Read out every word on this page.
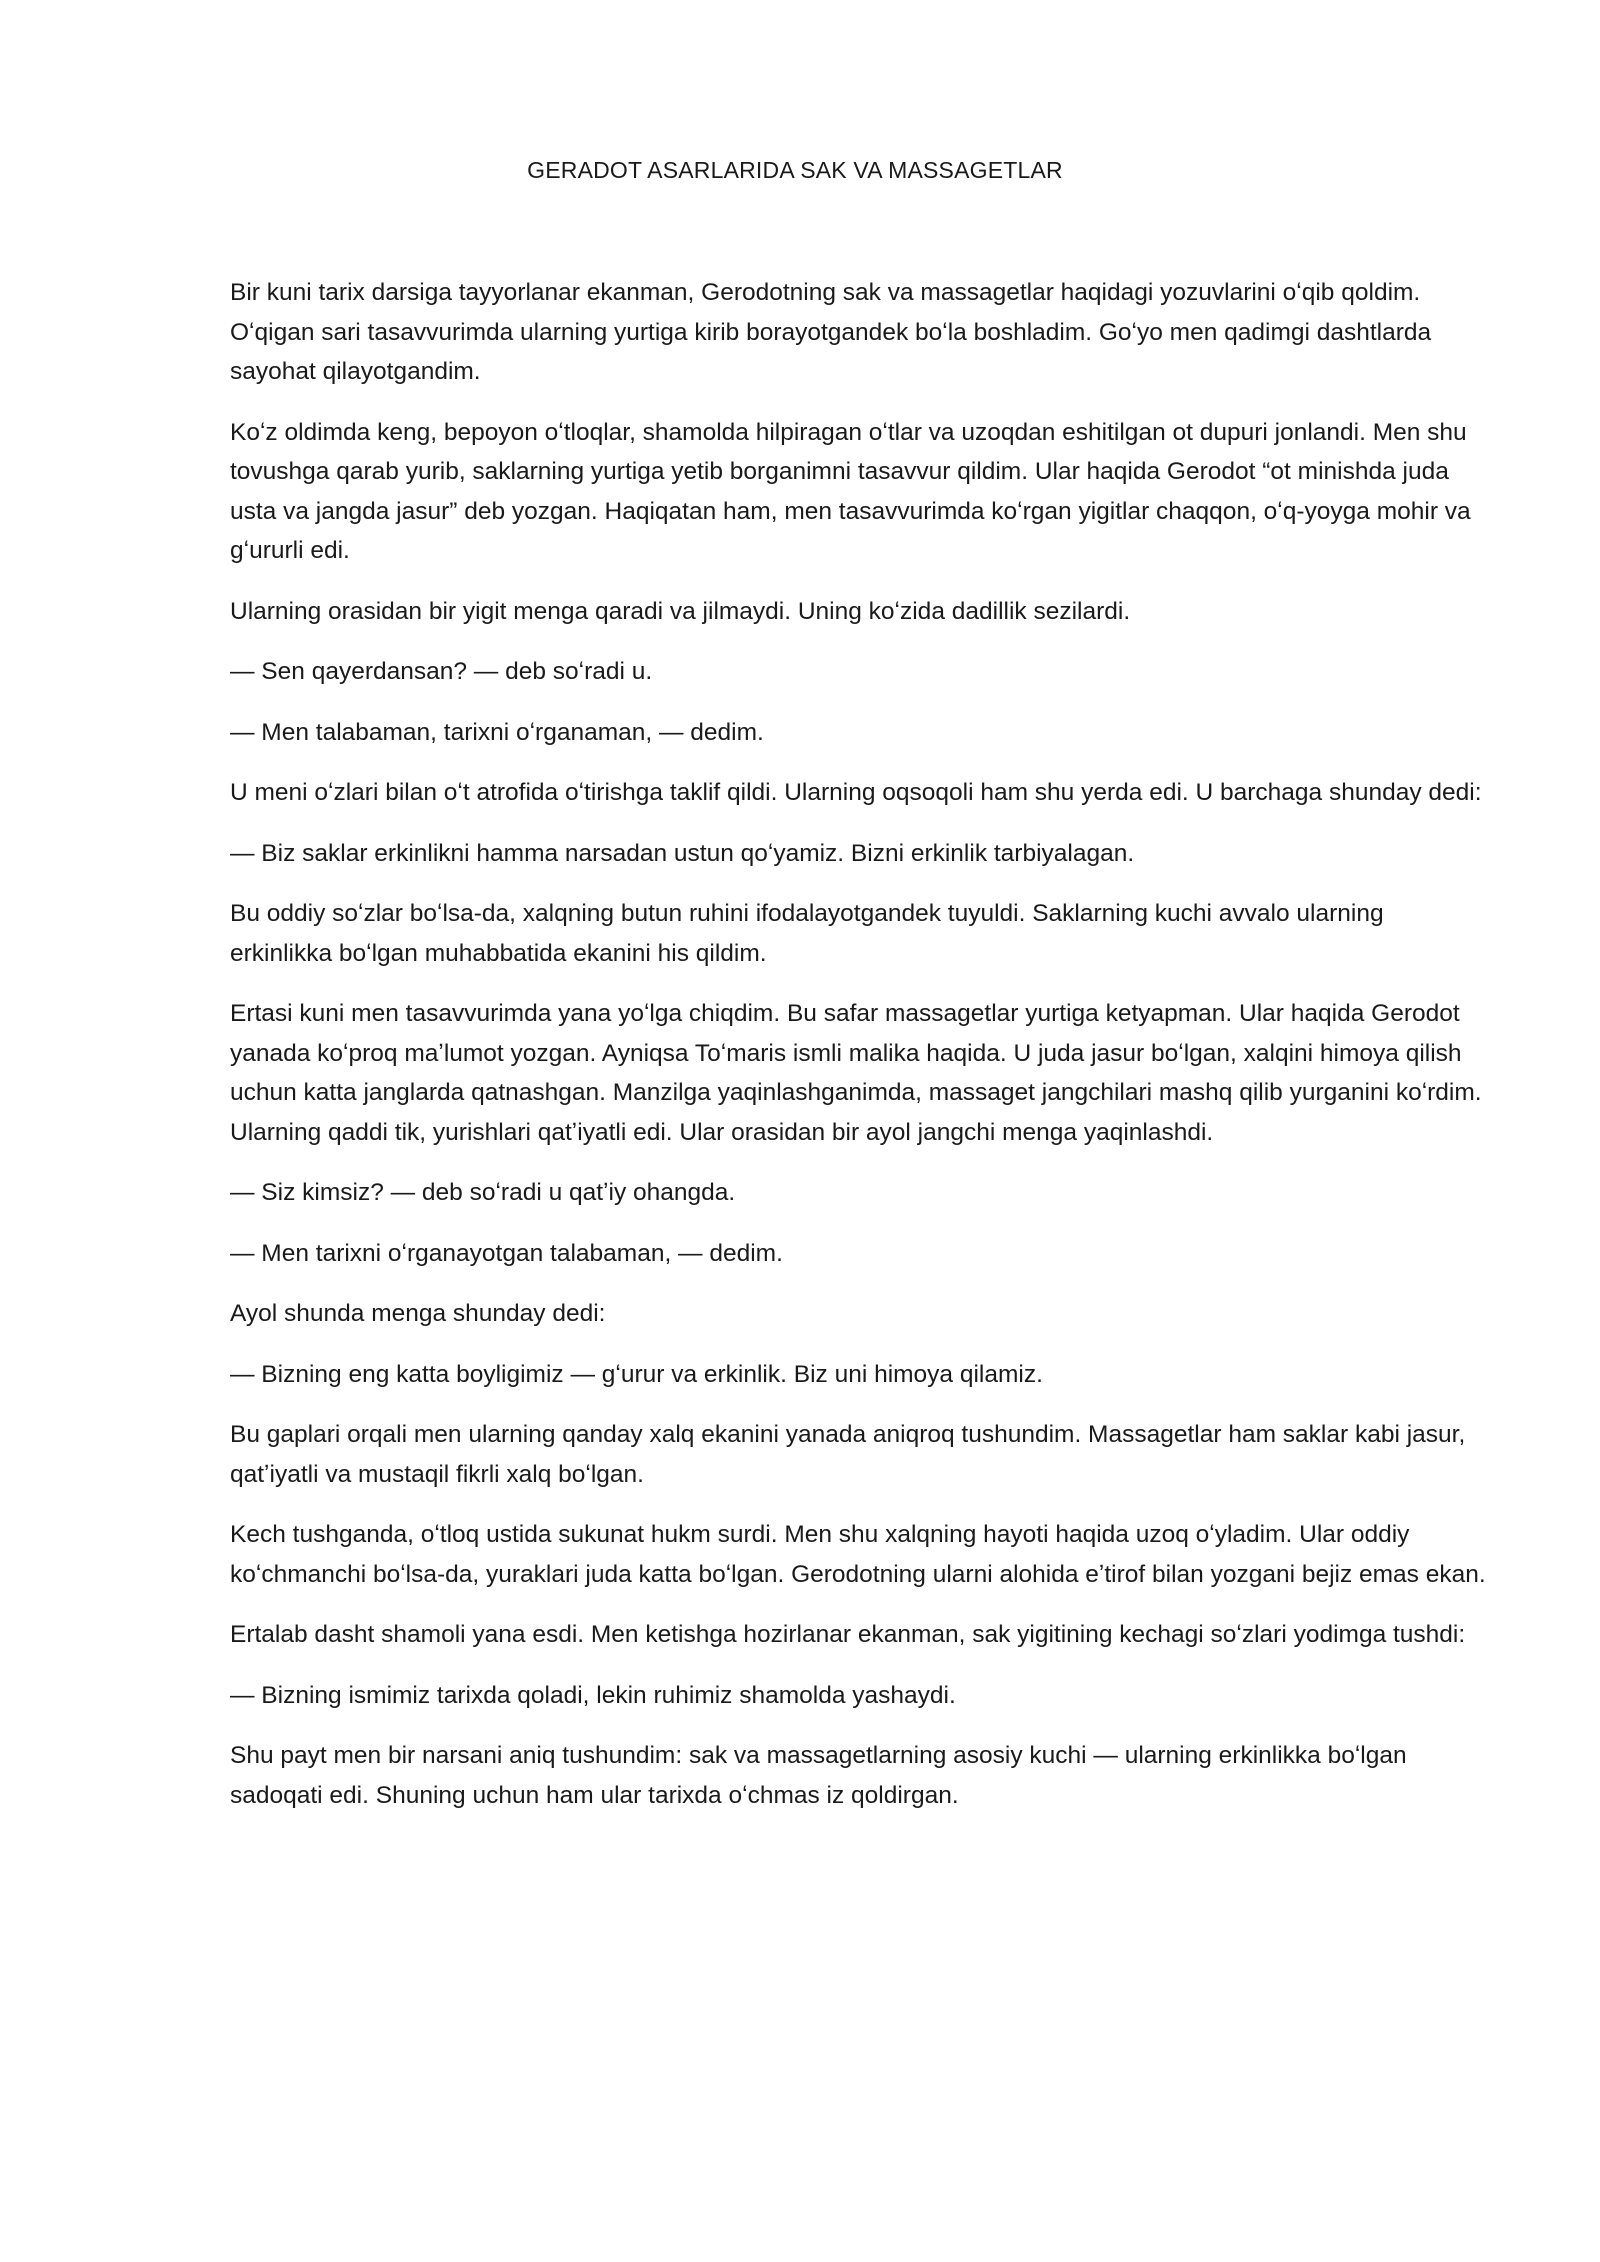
GERADOT ASARLARIDA SAK VA MASSAGETLAR

Bir kuni tarix darsiga tayyorlanar ekanman, Gerodotning sak va massagetlar haqidagi yozuvlarini oʻqib qoldim. Oʻqigan sari tasavvurimda ularning yurtiga kirib borayotgandek boʻla boshladim. Goʻyo men qadimgi dashtlarda sayohat qilayotgandim.

Koʻz oldimda keng, bepoyon oʻtloqlar, shamolda hilpiragan oʻtlar va uzoqdan eshitilgan ot dupuri jonlandi. Men shu tovushga qarab yurib, saklarning yurtiga yetib borganimni tasavvur qildim. Ular haqida Gerodot “ot minishda juda usta va jangda jasur” deb yozgan. Haqiqatan ham, men tasavvurimda koʻrgan yigitlar chaqqon, oʻq-yoyga mohir va gʻururli edi.

Ularning orasidan bir yigit menga qaradi va jilmaydi. Uning koʻzida dadillik sezilardi.

— Sen qayerdansan? — deb soʻradi u.

— Men talabaman, tarixni oʻrganaman, — dedim.

U meni oʻzlari bilan oʻt atrofida oʻtirishga taklif qildi. Ularning oqsoqoli ham shu yerda edi. U barchaga shunday dedi:

— Biz saklar erkinlikni hamma narsadan ustun qoʻyamiz. Bizni erkinlik tarbiyalagan.

Bu oddiy soʻzlar boʻlsa-da, xalqning butun ruhini ifodalayotgandek tuyuldi. Saklarning kuchi avvalo ularning erkinlikka boʻlgan muhabbatida ekanini his qildim.

Ertasi kuni men tasavvurimda yana yoʻlga chiqdim. Bu safar massagetlar yurtiga ketyapman. Ular haqida Gerodot yanada koʻproq maʼlumot yozgan. Ayniqsa Toʻmaris ismli malika haqida. U juda jasur boʻlgan, xalqini himoya qilish uchun katta janglarda qatnashgan. Manzilga yaqinlashganimda, massaget jangchilari mashq qilib yurganini koʻrdim. Ularning qaddi tik, yurishlari qatʼiyatli edi. Ular orasidan bir ayol jangchi menga yaqinlashdi.

— Siz kimsiz? — deb soʻradi u qatʼiy ohangda.

— Men tarixni oʻrganayotgan talabaman, — dedim.

Ayol shunda menga shunday dedi:

— Bizning eng katta boyligimiz — gʻurur va erkinlik. Biz uni himoya qilamiz.

Bu gaplari orqali men ularning qanday xalq ekanini yanada aniqroq tushundim. Massagetlar ham saklar kabi jasur, qatʼiyatli va mustaqil fikrli xalq boʻlgan.

Kech tushganda, oʻtloq ustida sukunat hukm surdi. Men shu xalqning hayoti haqida uzoq oʻyladim. Ular oddiy koʻchmanchi boʻlsa-da, yuraklari juda katta boʻlgan. Gerodotning ularni alohida eʼtirof bilan yozgani bejiz emas ekan.

Ertalab dasht shamoli yana esdi. Men ketishga hozirlanar ekanman, sak yigitining kechagi soʻzlari yodimga tushdi:

— Bizning ismimiz tarixda qoladi, lekin ruhimiz shamolda yashaydi.

Shu payt men bir narsani aniq tushundim: sak va massagetlarning asosiy kuchi — ularning erkinlikka boʻlgan sadoqati edi. Shuning uchun ham ular tarixda oʻchmas iz qoldirgan.
